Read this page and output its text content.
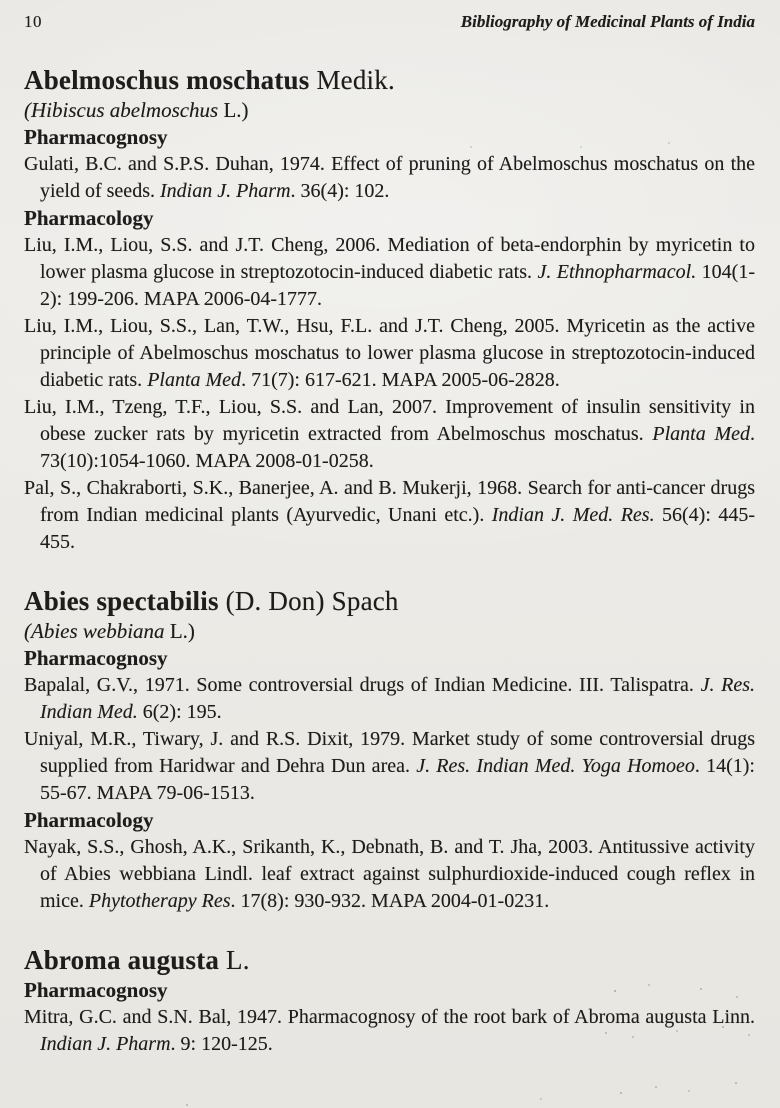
10	Bibliography of Medicinal Plants of India
Abelmoschus moschatus Medik.

(Hibiscus abelmoschus L.)

Pharmacognosy

Gulati, B.C. and S.P.S. Duhan, 1974. Effect of pruning of Abelmoschus moschatus on the yield of seeds. Indian J. Pharm. 36(4): 102.

Pharmacology

Liu, I.M., Liou, S.S. and J.T. Cheng, 2006. Mediation of beta-endorphin by myricetin to lower plasma glucose in streptozotocin-induced diabetic rats. J. Ethnopharmacol. 104(1-2): 199-206. MAPA 2006-04-1777.

Liu, I.M., Liou, S.S., Lan, T.W., Hsu, F.L. and J.T. Cheng, 2005. Myricetin as the active principle of Abelmoschus moschatus to lower plasma glucose in streptozotocin-induced diabetic rats. Planta Med. 71(7): 617-621. MAPA 2005-06-2828.

Liu, I.M., Tzeng, T.F., Liou, S.S. and Lan, 2007. Improvement of insulin sensitivity in obese zucker rats by myricetin extracted from Abelmoschus moschatus. Planta Med. 73(10):1054-1060. MAPA 2008-01-0258.

Pal, S., Chakraborti, S.K., Banerjee, A. and B. Mukerji, 1968. Search for anti-cancer drugs from Indian medicinal plants (Ayurvedic, Unani etc.). Indian J. Med. Res. 56(4): 445-455.

Abies spectabilis (D. Don) Spach

(Abies webbiana L.)

Pharmacognosy

Bapalal, G.V., 1971. Some controversial drugs of Indian Medicine. III. Talispatra. J. Res. Indian Med. 6(2): 195.

Uniyal, M.R., Tiwary, J. and R.S. Dixit, 1979. Market study of some controversial drugs supplied from Haridwar and Dehra Dun area. J. Res. Indian Med. Yoga Homoeo. 14(1): 55-67. MAPA 79-06-1513.

Pharmacology

Nayak, S.S., Ghosh, A.K., Srikanth, K., Debnath, B. and T. Jha, 2003. Antitussive activity of Abies webbiana Lindl. leaf extract against sulphurdioxide-induced cough reflex in mice. Phytotherapy Res. 17(8): 930-932. MAPA 2004-01-0231.

Abroma augusta L.

Pharmacognosy

Mitra, G.C. and S.N. Bal, 1947. Pharmacognosy of the root bark of Abroma augusta Linn. Indian J. Pharm. 9: 120-125.
